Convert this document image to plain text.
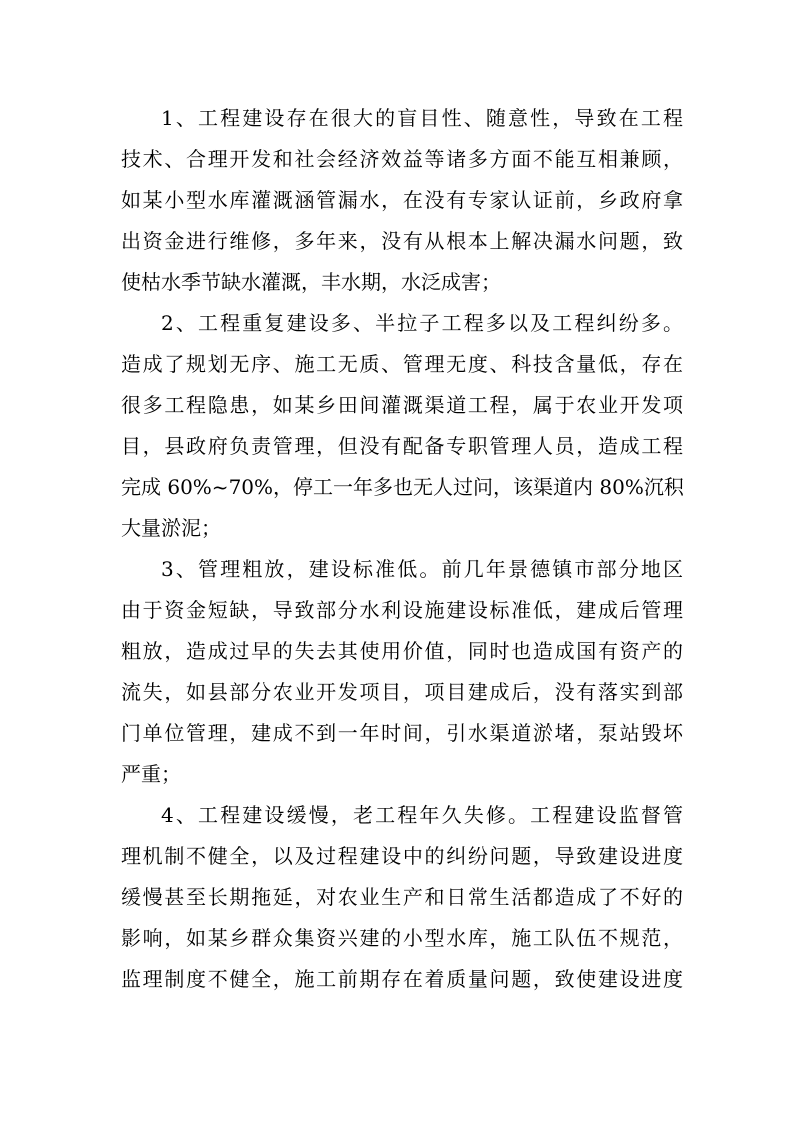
1、工程建设存在很大的盲目性、随意性，导致在工程
技术、合理开发和社会经济效益等诸多方面不能互相兼顾，
如某小型水库灌溉涵管漏水，在没有专家认证前，乡政府拿
出资金进行维修，多年来，没有从根本上解决漏水问题，致
使枯水季节缺水灌溉，丰水期，水泛成害；
2、工程重复建设多、半拉子工程多以及工程纠纷多。
造成了规划无序、施工无质、管理无度、科技含量低，存在
很多工程隐患，如某乡田间灌溉渠道工程，属于农业开发项
目，县政府负责管理，但没有配备专职管理人员，造成工程
完成 60%~70%，停工一年多也无人过问，该渠道内 80%沉积
大量淤泥；
3、管理粗放，建设标准低。前几年景德镇市部分地区
由于资金短缺，导致部分水利设施建设标准低，建成后管理
粗放，造成过早的失去其使用价值，同时也造成国有资产的
流失，如县部分农业开发项目，项目建成后，没有落实到部
门单位管理，建成不到一年时间，引水渠道淤堵，泵站毁坏
严重；
4、工程建设缓慢，老工程年久失修。工程建设监督管
理机制不健全，以及过程建设中的纠纷问题，导致建设进度
缓慢甚至长期拖延，对农业生产和日常生活都造成了不好的
影响，如某乡群众集资兴建的小型水库，施工队伍不规范，
监理制度不健全，施工前期存在着质量问题，致使建设进度
